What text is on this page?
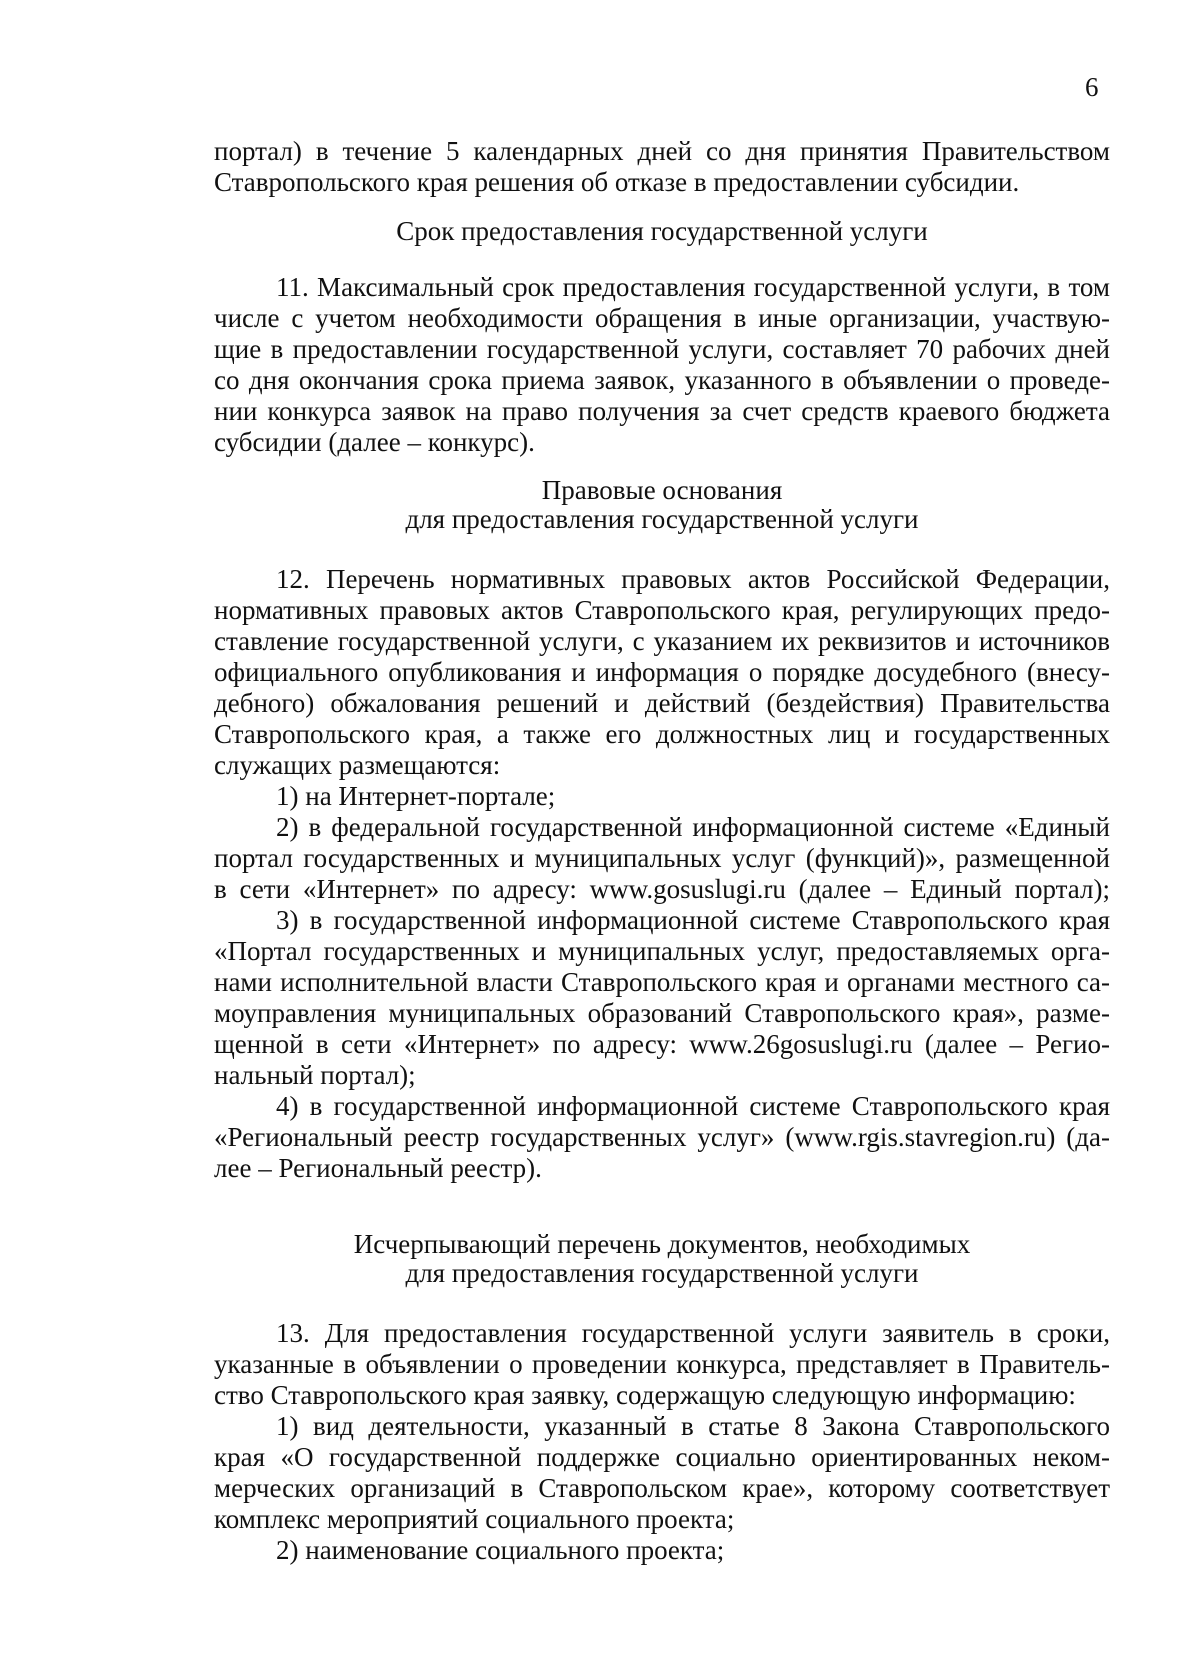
6
портал) в течение 5 календарных дней со дня принятия Правительством
Ставропольского края решения об отказе в предоставлении субсидии.
Срок предоставления государственной услуги
11. Максимальный срок предоставления государственной услуги, в том
числе с учетом необходимости обращения в иные организации, участвую-
щие в предоставлении государственной услуги, составляет 70 рабочих дней
со дня окончания срока приема заявок, указанного в объявлении о проведе-
нии конкурса заявок на право получения за счет средств краевого бюджета
субсидии (далее – конкурс).
Правовые основания
для предоставления государственной услуги
12. Перечень нормативных правовых актов Российской Федерации,
нормативных правовых актов Ставропольского края, регулирующих предо-
ставление государственной услуги, с указанием их реквизитов и источников
официального опубликования и информация о порядке досудебного (внесу-
дебного) обжалования решений и действий (бездействия) Правительства
Ставропольского края, а также его должностных лиц и государственных
служащих размещаются:
1) на Интернет-портале;
2) в федеральной государственной информационной системе «Единый
портал государственных и муниципальных услуг (функций)», размещенной
в сети «Интернет» по адресу: www.gosuslugi.ru (далее – Единый портал);
3) в государственной информационной системе Ставропольского края
«Портал государственных и муниципальных услуг, предоставляемых орга-
нами исполнительной власти Ставропольского края и органами местного са-
моуправления муниципальных образований Ставропольского края», разме-
щенной в сети «Интернет» по адресу: www.26gosuslugi.ru (далее – Регио-
нальный портал);
4) в государственной информационной системе Ставропольского края
«Региональный реестр государственных услуг» (www.rgis.stavregion.ru) (да-
лее – Региональный реестр).
Исчерпывающий перечень документов, необходимых
для предоставления государственной услуги
13. Для предоставления государственной услуги заявитель в сроки,
указанные в объявлении о проведении конкурса, представляет в Правитель-
ство Ставропольского края заявку, содержащую следующую информацию:
1) вид деятельности, указанный в статье 8 Закона Ставропольского
края «О государственной поддержке социально ориентированных неком-
мерческих организаций в Ставропольском крае», которому соответствует
комплекс мероприятий социального проекта;
2) наименование социального проекта;
